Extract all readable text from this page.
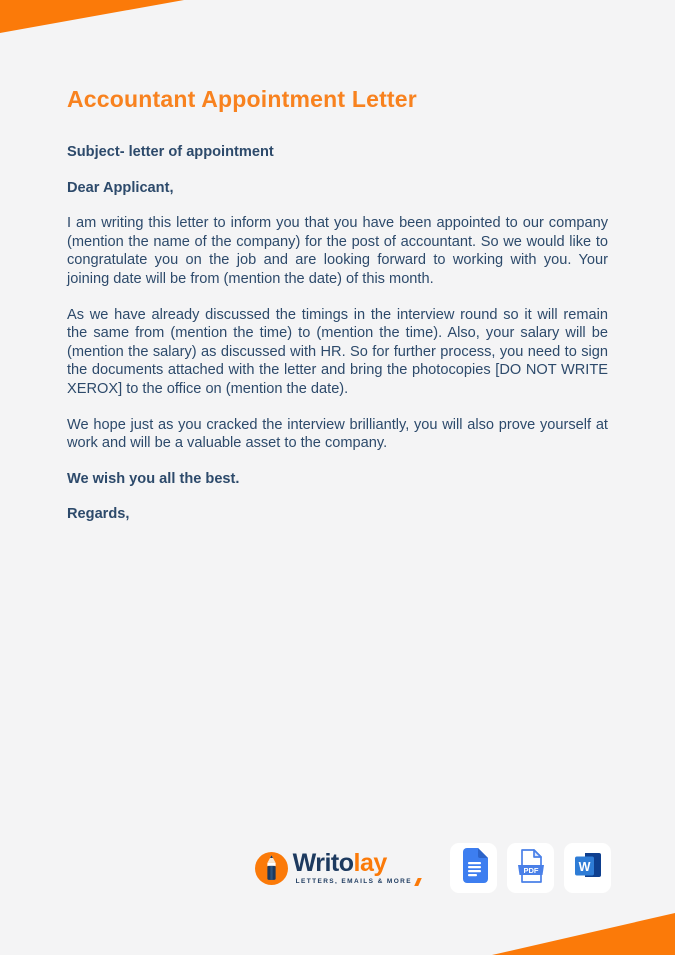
Accountant Appointment Letter
Subject- letter of appointment
Dear Applicant,

I am writing this letter to inform you that you have been appointed to our company (mention the name of the company) for the post of accountant. So we would like to congratulate you on the job and are looking forward to working with you. Your joining date will be from (mention the date) of this month.

As we have already discussed the timings in the interview round so it will remain the same from (mention the time) to (mention the time). Also, your salary will be (mention the salary) as discussed with HR. So for further process, you need to sign the documents attached with the letter and bring the photocopies [DO NOT WRITE XEROX] to the office on (mention the date).

We hope just as you cracked the interview brilliantly, you will also prove yourself at work and will be a valuable asset to the company.

We wish you all the best.
Regards,
Writolay
LETTERS, EMAILS & MORE
PDF	W
